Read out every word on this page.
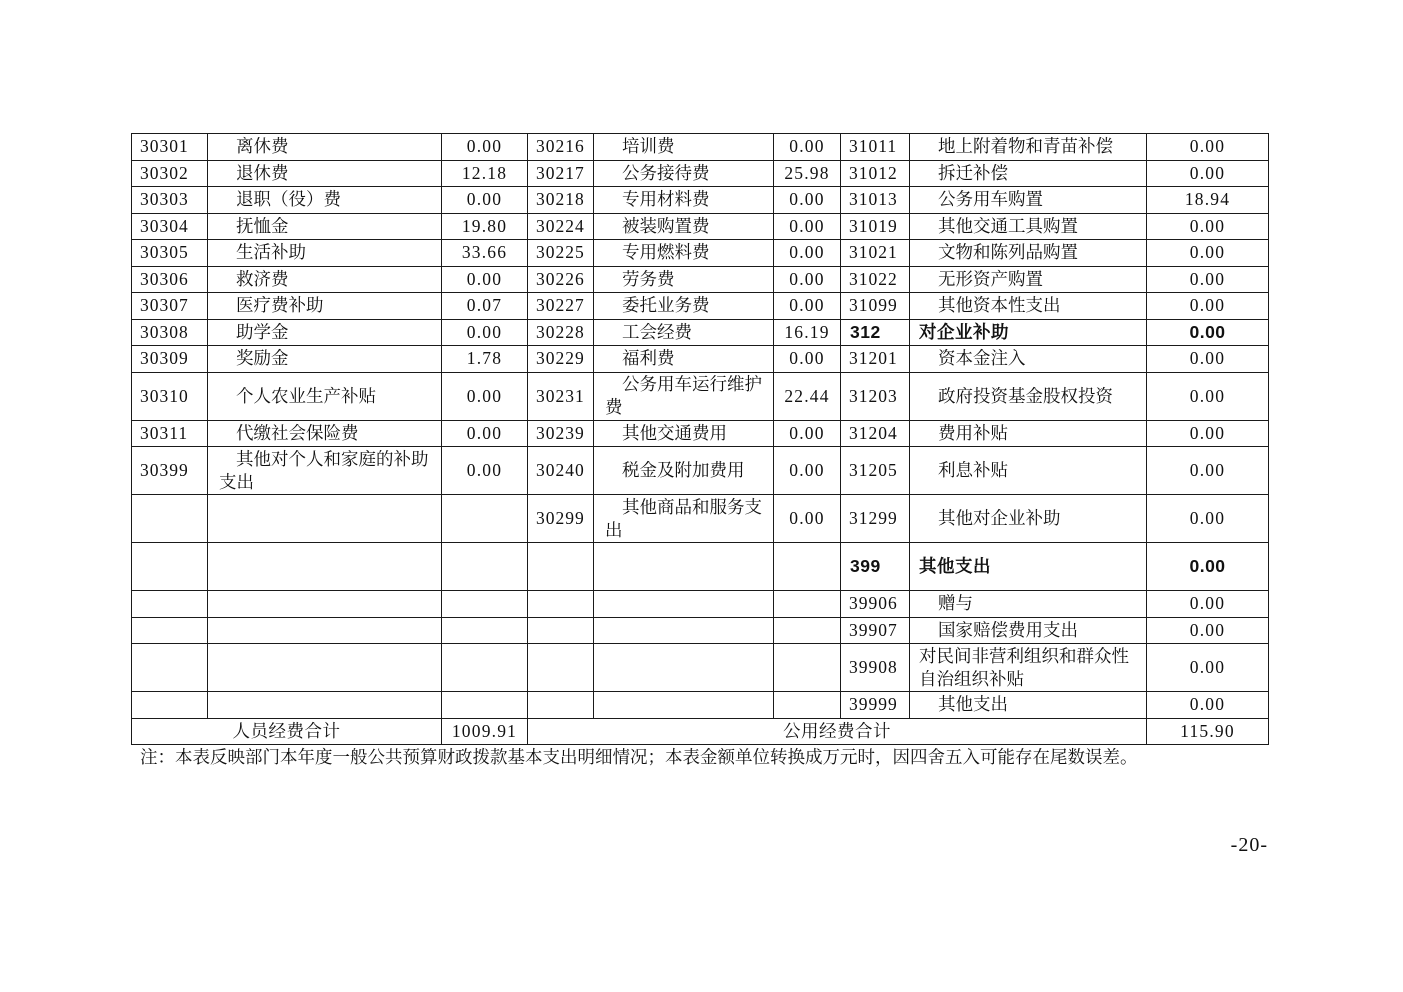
30301	离休费	0.00	30216	培训费	0.00	31011	地上附着物和青苗补偿	0.00
30302	退休费	12.18	30217	公务接待费	25.98	31012	拆迁补偿	0.00
30303	退职（役）费	0.00	30218	专用材料费	0.00	31013	公务用车购置	18.94
30304	抚恤金	19.80	30224	被装购置费	0.00	31019	其他交通工具购置	0.00
30305	生活补助	33.66	30225	专用燃料费	0.00	31021	文物和陈列品购置	0.00
30306	救济费	0.00	30226	劳务费	0.00	31022	无形资产购置	0.00
30307	医疗费补助	0.07	30227	委托业务费	0.00	31099	其他资本性支出	0.00
30308	助学金	0.00	30228	工会经费	16.19	312	对企业补助	0.00
30309	奖励金	1.78	30229	福利费	0.00	31201	资本金注入	0.00
30310	个人农业生产补贴	0.00	30231	公务用车运行维护费	22.44	31203	政府投资基金股权投资	0.00
30311	代缴社会保险费	0.00	30239	其他交通费用	0.00	31204	费用补贴	0.00
30399	其他对个人和家庭的补助支出	0.00	30240	税金及附加费用	0.00	31205	利息补贴	0.00
			30299	其他商品和服务支出	0.00	31299	其他对企业补助	0.00
						399	其他支出	0.00
						39906	赠与	0.00
						39907	国家赔偿费用支出	0.00
						39908	对民间非营利组织和群众性自治组织补贴	0.00
						39999	其他支出	0.00
人员经费合计		1009.91	公用经费合计					115.90
注：本表反映部门本年度一般公共预算财政拨款基本支出明细情况；本表金额单位转换成万元时，因四舍五入可能存在尾数误差。
-20-
